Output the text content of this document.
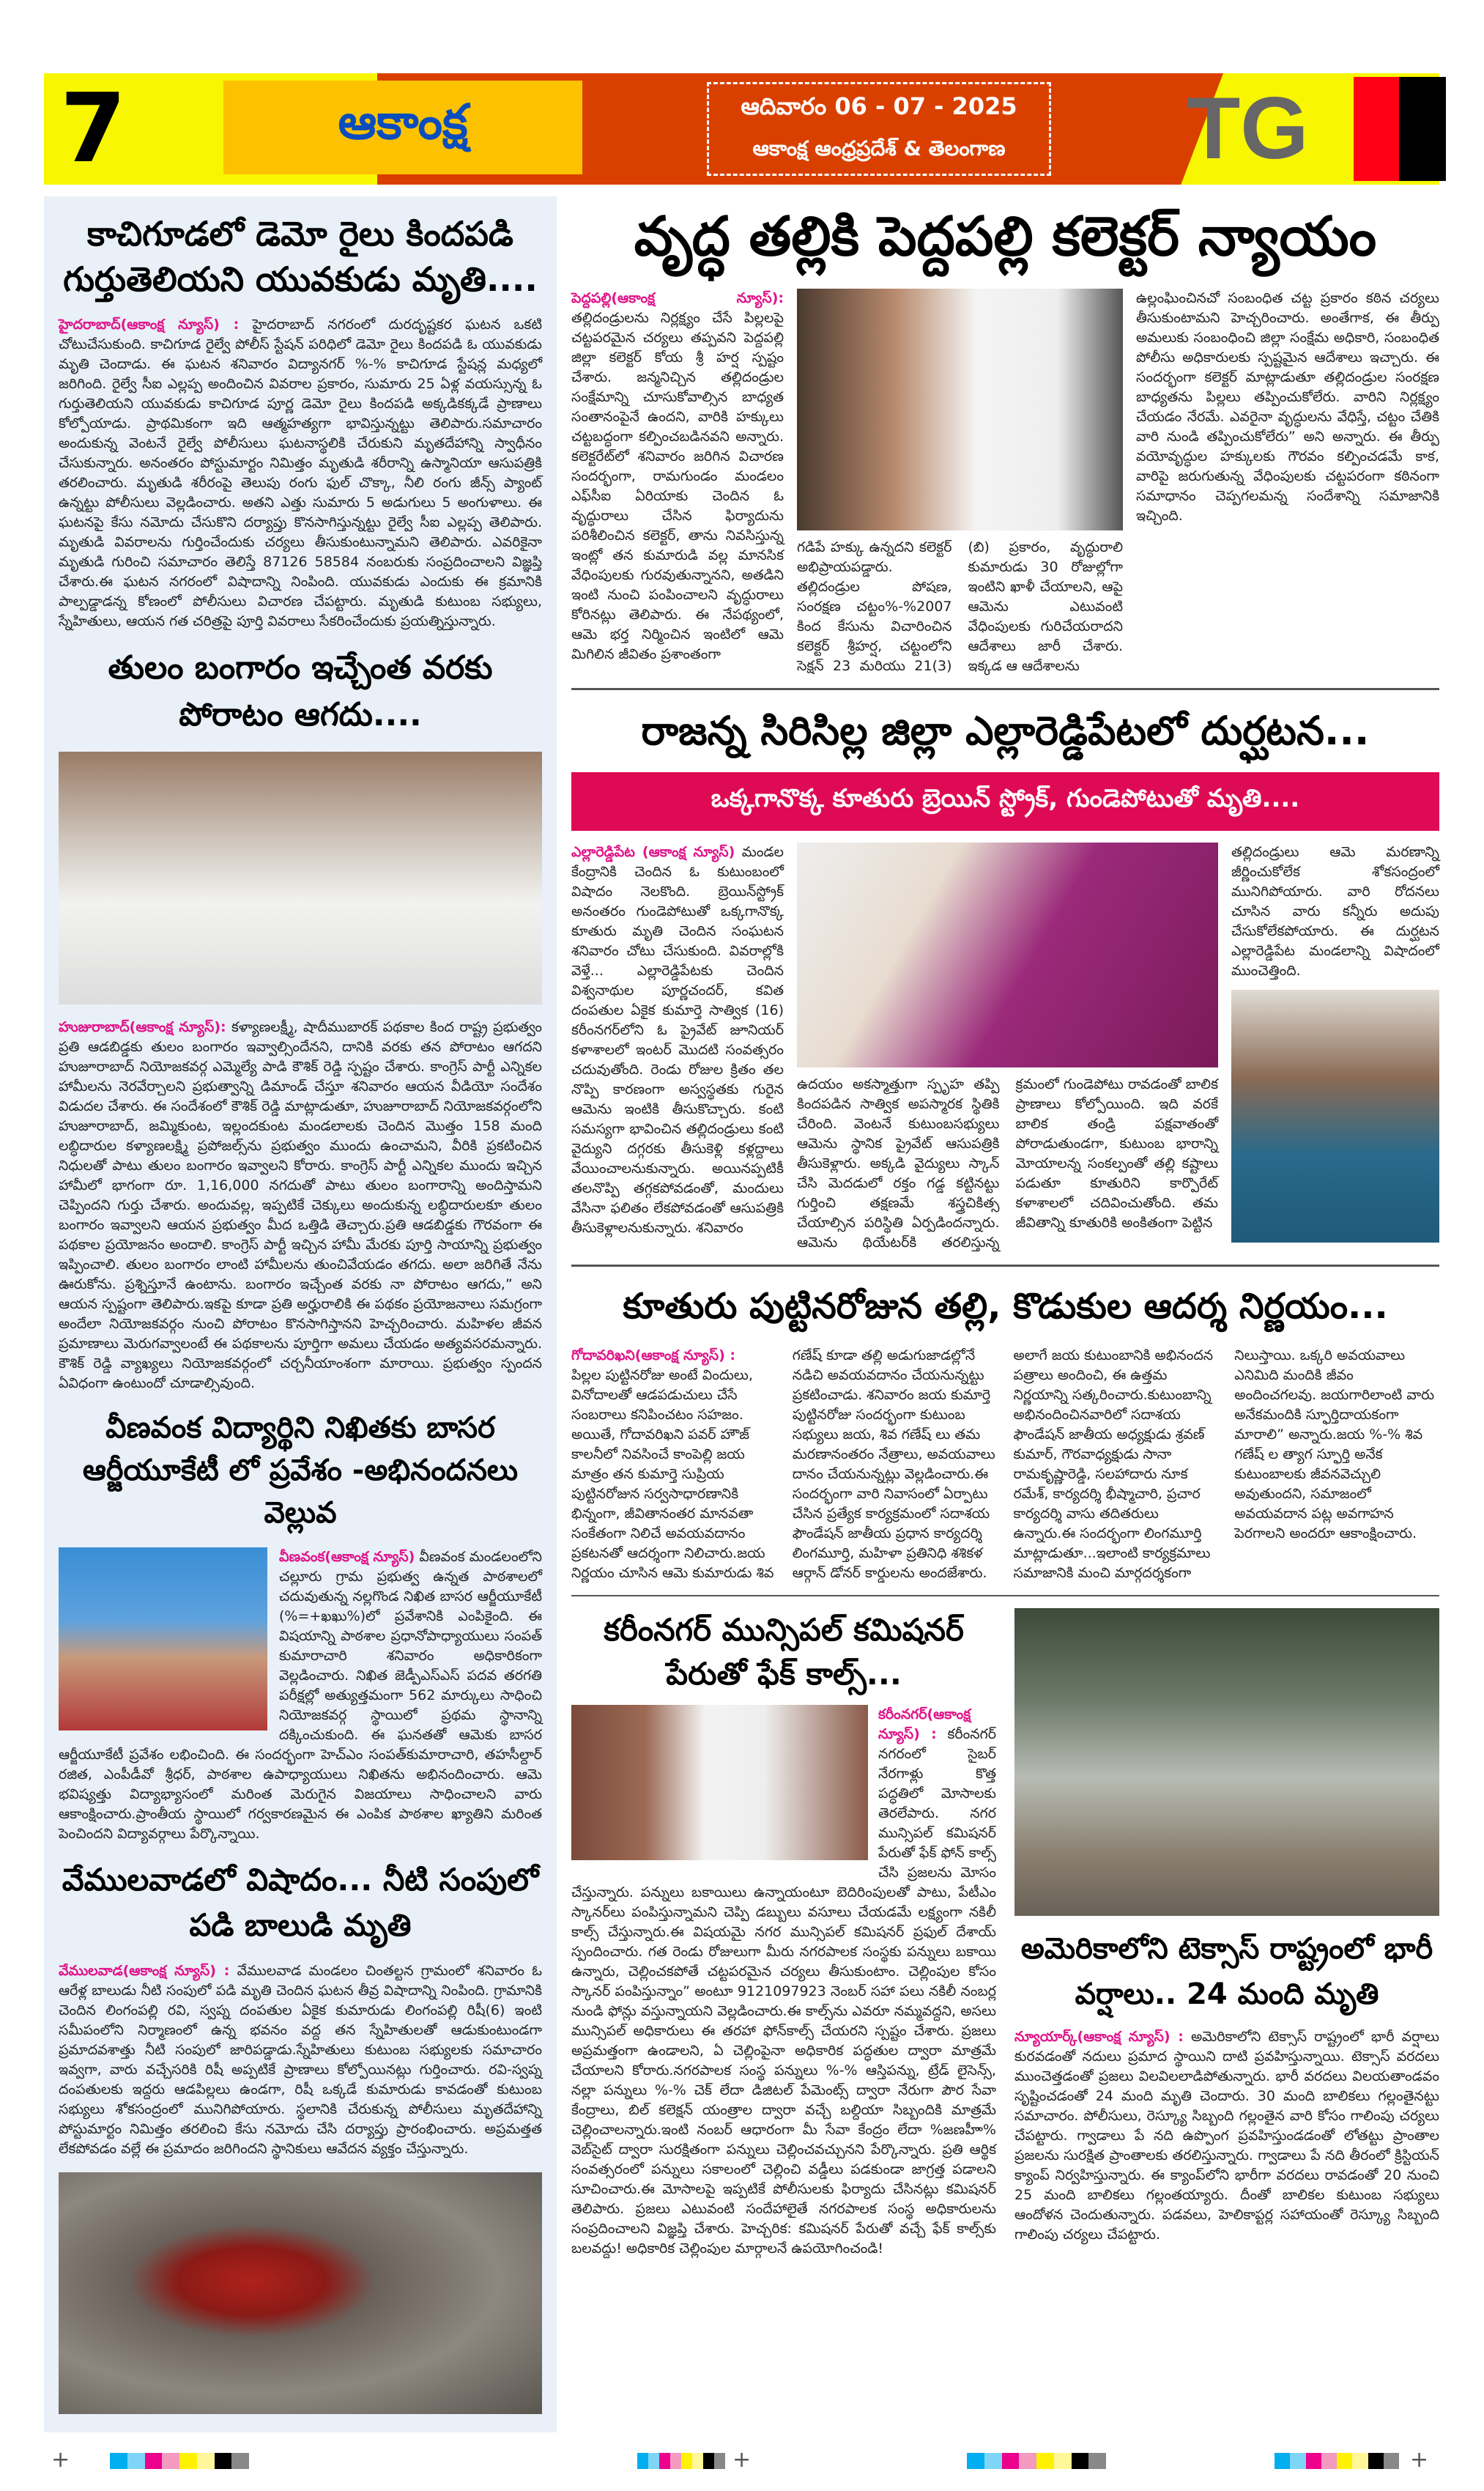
7	ఆకాంక్ష	ఆదివారం 06 - 07 - 2025
ఆకాంక్ష ఆంధ్రప్రదేశ్ & తెలంగాణ TG
కాచిగూడలో డెమో రైలు కిందపడి గుర్తుతెలియని యువకుడు మృతి....
హైదరాబాద్(ఆకాంక్ష న్యూస్) : హైదరాబాద్ నగరంలో దురదృష్టకర ఘటన ఒకటి చోటుచేసుకుంది. కాచిగూడ రైల్వే పోలీస్ స్టేషన్ పరిధిలో డెమో రైలు కిందపడి ఓ యువకుడు మృతి చెందాడు. ఈ ఘటన శనివారం విద్యానగర్ %-% కాచిగూడ స్టేషన్ల మధ్యలో జరిగింది. రైల్వే సీఐ ఎల్లప్ప అందించిన వివరాల ప్రకారం, సుమారు 25 ఏళ్ల వయస్సున్న ఓ గుర్తుతెలియని యువకుడు కాచిగూడ పూర్ణ డెమో రైలు కిందపడి అక్కడికక్కడే ప్రాణాలు కోల్పోయాడు. ప్రాథమికంగా ఇది ఆత్మహత్యగా భావిస్తున్నట్టు తెలిపారు.సమాచారం అందుకున్న వెంటనే రైల్వే పోలీసులు ఘటనాస్థలికి చేరుకుని మృతదేహాన్ని స్వాధీనం చేసుకున్నారు. అనంతరం పోస్టుమార్టం నిమిత్తం మృతుడి శరీరాన్ని ఉస్మానియా ఆసుపత్రికి తరలించారు. మృతుడి శరీరంపై తెలుపు రంగు ఫుల్ చొక్కా, నీలి రంగు జీన్స్ ప్యాంట్ ఉన్నట్టు పోలీసులు వెల్లడించారు. అతని ఎత్తు సుమారు 5 అడుగులు 5 అంగుళాలు. ఈ ఘటనపై కేసు నమోదు చేసుకొని దర్యాప్తు కొనసాగిస్తున్నట్టు రైల్వే సీఐ ఎల్లప్ప తెలిపారు. మృతుడి వివరాలను గుర్తించేందుకు చర్యలు తీసుకుంటున్నామని తెలిపారు. ఎవరికైనా మృతుడి గురించి సమాచారం తెలిస్తే 87126 58584 నంబరుకు సంప్రదించాలని విజ్ఞప్తి చేశారు.ఈ ఘటన నగరంలో విషాదాన్ని నింపింది. యువకుడు ఎందుకు ఈ క్రమానికి పాల్పడ్డాడన్న కోణంలో పోలీసులు విచారణ చేపట్టారు. మృతుడి కుటుంబ సభ్యులు, స్నేహితులు, ఆయన గత చరిత్రపై పూర్తి వివరాలు సేకరించేందుకు ప్రయత్నిస్తున్నారు.
తులం బంగారం ఇచ్చేంత వరకు పోరాటం ఆగదు....
హుజురాబాద్(ఆకాంక్ష న్యూస్): కళ్యాణలక్ష్మీ, షాదీముబారక్ పథకాల కింద రాష్ట్ర ప్రభుత్వం ప్రతి ఆడబిడ్డకు తులం బంగారం ఇవ్వాల్సిందేనని, దానికి వరకు తన పోరాటం ఆగదని హుజూరాబాద్ నియోజకవర్గ ఎమ్మెల్యే పాడి కౌశిక్ రెడ్డి స్పష్టం చేశారు. కాంగ్రెస్ పార్టీ ఎన్నికల హామీలను నెరవేర్చాలని ప్రభుత్వాన్ని డిమాండ్ చేస్తూ శనివారం ఆయన వీడియో సందేశం విడుదల చేశారు. ఈ సందేశంలో కౌశిక్ రెడ్డి మాట్లాడుతూ, హుజూరాబాద్ నియోజకవర్గంలోని హుజూరాబాద్, జమ్మికుంట, ఇల్లందకుంట మండలాలకు చెందిన మొత్తం 158 మంది లబ్ధిదారుల కళ్యాణలక్ష్మి ప్రపోజల్స్‌ను ప్రభుత్వం ముందు ఉంచామని, వీరికి ప్రకటించిన నిధులతో పాటు తులం బంగారం ఇవ్వాలని కోరారు. కాంగ్రెస్ పార్టీ ఎన్నికల ముందు ఇచ్చిన హామీలో భాగంగా రూ. 1,16,000 నగదుతో పాటు తులం బంగారాన్ని అందిస్తామని చెప్పిందని గుర్తు చేశారు. అందువల్ల, ఇప్పటికే చెక్కులు అందుకున్న లబ్ధిదారులకూ తులం బంగారం ఇవ్వాలని ఆయన ప్రభుత్వం మీద ఒత్తిడి తెచ్చారు.ప్రతి ఆడబిడ్డకు గౌరవంగా ఈ పథకాల ప్రయోజనం అందాలి. కాంగ్రెస్ పార్టీ ఇచ్చిన హామీ మేరకు పూర్తి సాయాన్ని ప్రభుత్వం ఇప్పించాలి. తులం బంగారం లాంటి హామీలను తుంచివేయడం తగదు. అలా జరిగితే నేను ఊరుకోను. ప్రశ్నిస్తూనే ఉంటాను. బంగారం ఇచ్చేంత వరకు నా పోరాటం ఆగదు,” అని ఆయన స్పష్టంగా తెలిపారు.ఇకపై కూడా ప్రతి అర్హురాలికి ఈ పథకం ప్రయోజనాలు సమగ్రంగా అందేలా నియోజకవర్గం నుంచి పోరాటం కొనసాగిస్తానని హెచ్చరించారు. మహిళల జీవన ప్రమాణాలు మెరుగవ్వాలంటే ఈ పథకాలను పూర్తిగా అమలు చేయడం అత్యవసరమన్నారు. కౌశిక్ రెడ్డి వ్యాఖ్యలు నియోజకవర్గంలో చర్చనీయాంశంగా మారాయి. ప్రభుత్వం స్పందన ఏవిధంగా ఉంటుందో చూడాల్సివుంది.
వీణవంక విద్యార్థిని నిఖితకు బాసర ఆర్జీయూకేటీ లో ప్రవేశం -అభినందనలు వెల్లువ
వీణవంక(ఆకాంక్ష న్యూస్) వీణవంక మండలంలోని చల్లూరు గ్రామ ప్రభుత్వ ఉన్నత పాఠశాలలో చదువుతున్న నల్లగొండ నిఖిత బాసర ఆర్జీయూకేటీ (%=+ఖఖు%)లో ప్రవేశానికి ఎంపికైంది. ఈ విషయాన్ని పాఠశాల ప్రధానోపాధ్యాయులు సంపత్ కుమారాచారి శనివారం అధికారికంగా వెల్లడించారు. నిఖిత జెడ్పీఎస్ఎస్ పదవ తరగతి పరీక్షల్లో అత్యుత్తమంగా 562 మార్కులు సాధించి నియోజకవర్గ స్థాయిలో ప్రథమ స్థానాన్ని దక్కించుకుంది. ఈ ఘనతతో ఆమెకు బాసర ఆర్జీయూకేటీ ప్రవేశం లభించింది. ఈ సందర్భంగా హెచ్ఎం సంపత్‌కుమారాచారి, తహసీల్దార్ రజిత, ఎంపీడీవో శ్రీధర్, పాఠశాల ఉపాధ్యాయులు నిఖితను అభినందించారు. ఆమె భవిష్యత్తు విద్యాభ్యాసంలో మరింత మెరుగైన విజయాలు సాధించాలని వారు ఆకాంక్షించారు.ప్రాంతీయ స్థాయిలో గర్వకారణమైన ఈ ఎంపిక పాఠశాల ఖ్యాతిని మరింత పెంచిందని విద్యావర్గాలు పేర్కొన్నాయి.
వేములవాడలో విషాదం... నీటి సంపులో పడి బాలుడి మృతి
వేములవాడ(ఆకాంక్ష న్యూస్) : వేములవాడ మండలం చింతల్టన గ్రామంలో శనివారం ఓ ఆరేళ్ల బాలుడు నీటి సంపులో పడి మృతి చెందిన ఘటన తీవ్ర విషాదాన్ని నింపింది. గ్రామానికి చెందిన లింగంపల్లి రవి, స్వప్న దంపతుల ఏకైక కుమారుడు లింగంపల్లి రిషీ(6) ఇంటి సమీపంలోని నిర్మాణంలో ఉన్న భవనం వద్ద తన స్నేహితులతో ఆడుకుంటుండగా ప్రమాదవశాత్తు నీటి సంపులో జారిపడ్డాడు.స్నేహితులు కుటుంబ సభ్యులకు సమాచారం ఇవ్వగా, వారు వచ్చేసరికి రిషీ అప్పటికే ప్రాణాలు కోల్పోయినట్లు గుర్తించారు. రవి-స్వప్న దంపతులకు ఇద్దరు ఆడపిల్లలు ఉండగా, రిషీ ఒక్కడే కుమారుడు కావడంతో కుటుంబ సభ్యులు శోకసంద్రంలో మునిగిపోయారు. స్థలానికి చేరుకున్న పోలీసులు మృతదేహాన్ని పోస్టుమార్టం నిమిత్తం తరలించి కేసు నమోదు చేసి దర్యాప్తు ప్రారంభించారు. అప్రమత్తత లేకపోవడం వల్లే ఈ ప్రమాదం జరిగిందని స్థానికులు ఆవేదన వ్యక్తం చేస్తున్నారు.
వృద్ధ తల్లికి పెద్దపల్లి కలెక్టర్ న్యాయం
పెద్దపల్లి(ఆకాంక్ష న్యూస్): తల్లిదండ్రులను నిర్లక్ష్యం చేసే పిల్లలపై చట్టపరమైన చర్యలు తప్పవని పెద్దపల్లి జిల్లా కలెక్టర్ కోయ శ్రీ హర్ష స్పష్టం చేశారు. జన్మనిచ్చిన తల్లిదండ్రుల సంక్షేమాన్ని చూసుకోవాల్సిన బాధ్యత సంతానంపైనే ఉందని, వారికి హక్కులు చట్టబద్ధంగా కల్పించబడినవని అన్నారు. కలెక్టరేట్‌లో శనివారం జరిగిన విచారణ సందర్భంగా, రామగుండం మండలం ఎఫ్‌సీఐ ఏరియాకు చెందిన ఓ వృద్ధురాలు చేసిన ఫిర్యాదును పరిశీలించిన కలెక్టర్, తాను నివసిస్తున్న ఇంట్లో తన కుమారుడి వల్ల మానసిక వేధింపులకు గురవుతున్నానని, అతడిని ఇంటి నుంచి పంపించాలని వృద్ధురాలు కోరినట్లు తెలిపారు. ఈ నేపథ్యంలో, ఆమె భర్త నిర్మించిన ఇంటిలో ఆమె మిగిలిన జీవితం ప్రశాంతంగా
గడిపే హక్కు ఉన్నదని కలెక్టర్ అభిప్రాయపడ్డారు. తల్లిదండ్రుల పోషణ, సంరక్షణ చట్టం%-%2007 కింద కేసును విచారించిన కలెక్టర్ శ్రీహర్ష, చట్టంలోని సెక్షన్ 23 మరియు 21(3)(బి) ప్రకారం, వృద్ధురాలి కుమారుడు 30 రోజుల్లోగా ఇంటిని ఖాళీ చేయాలని, ఆపై ఆమెను ఎటువంటి వేధింపులకు గురిచేయరాదని ఆదేశాలు జారీ చేశారు. ఇక్కడ ఆ ఆదేశాలను
ఉల్లంఘించినచో సంబంధిత చట్ట ప్రకారం కఠిన చర్యలు తీసుకుంటామని హెచ్చరించారు. అంతేగాక, ఈ తీర్పు అమలుకు సంబంధించి జిల్లా సంక్షేమ అధికారి, సంబంధిత పోలీసు అధికారులకు స్పష్టమైన ఆదేశాలు ఇచ్చారు. ఈ సందర్భంగా కలెక్టర్ మాట్లాడుతూ తల్లిదండ్రుల సంరక్షణ బాధ్యతను పిల్లలు తప్పించుకోలేరు. వారిని నిర్లక్ష్యం చేయడం నేరమే. ఎవరైనా వృద్ధులను వేధిస్తే, చట్టం చేతికి వారి నుండి తప్పించుకోలేరు” అని అన్నారు. ఈ తీర్పు వయోవృద్ధుల హక్కులకు గౌరవం కల్పించడమే కాక, వారిపై జరుగుతున్న వేధింపులకు చట్టపరంగా కఠినంగా సమాధానం చెప్పగలమన్న సందేశాన్ని సమాజానికి ఇచ్చింది.
రాజన్న సిరిసిల్ల జిల్లా ఎల్లారెడ్డిపేటలో దుర్ఘటన...
ఒక్కగానొక్క కూతురు బ్రెయిన్ స్ట్రోక్, గుండెపోటుతో మృతి....
ఎల్లారెడ్డిపేట (ఆకాంక్ష న్యూస్) మండల కేంద్రానికి చెందిన ఓ కుటుంబంలో విషాదం నెలకొంది. బ్రెయిన్‌స్ట్రోక్ అనంతరం గుండెపోటుతో ఒక్కగానొక్క కూతురు మృతి చెందిన సంఘటన శనివారం చోటు చేసుకుంది. వివరాల్లోకి వెళ్తే... ఎల్లారెడ్డిపేటకు చెందిన విశ్వనాథుల పూర్ణచందర్, కవిత దంపతుల ఏకైక కుమార్తె సాత్విక (16) కరీంనగర్‌లోని ఓ ప్రైవేట్ జూనియర్ కళాశాలలో ఇంటర్ మొదటి సంవత్సరం చదువుతోంది. రెండు రోజుల క్రితం తల నొప్పి కారణంగా అస్వస్థతకు గురైన ఆమెను ఇంటికి తీసుకొచ్చారు. కంటి సమస్యగా భావించిన తల్లిదండ్రులు కంటి వైద్యుని దగ్గరకు తీసుకెళ్లి కళ్లద్దాలు వేయించాలనుకున్నారు. అయినప్పటికీ తలనొప్పి తగ్గకపోవడంతో, మందులు వేసినా ఫలితం లేకపోవడంతో ఆసుపత్రికి తీసుకెళ్లాలనుకున్నారు. శనివారం
ఉదయం అకస్మాత్తుగా స్పృహ తప్పి కిందపడిన సాత్విక అపస్మారక స్థితికి చేరింది. వెంటనే కుటుంబసభ్యులు ఆమెను స్థానిక ప్రైవేట్ ఆసుపత్రికి తీసుకెళ్లారు. అక్కడి వైద్యులు స్కాన్ చేసి మెదడులో రక్తం గడ్డ కట్టినట్టు గుర్తించి తక్షణమే శస్త్రచికిత్స చేయాల్సిన పరిస్థితి ఏర్పడిందన్నారు. ఆమెను థియేటర్‌కి తరలిస్తున్న క్రమంలో గుండెపోటు రావడంతో బాలిక ప్రాణాలు కోల్పోయింది. ఇది వరకే బాలిక తండ్రి పక్షవాతంతో పోరాడుతుండగా, కుటుంబ భారాన్ని మోయాలన్న సంకల్పంతో తల్లి కష్టాలు పడుతూ కూతురిని కార్పొరేట్ కళాశాలలో చదివించుతోంది. తమ జీవితాన్ని కూతురికి అంకితంగా పెట్టిన
తల్లిదండ్రులు ఆమె మరణాన్ని జీర్ణించుకోలేక శోకసంద్రంలో మునిగిపోయారు. వారి రోదనలు చూసిన వారు కన్నీరు అదుపు చేసుకోలేకపోయారు. ఈ దుర్ఘటన ఎల్లారెడ్డిపేట మండలాన్ని విషాదంలో ముంచెత్తింది.
కూతురు పుట్టినరోజున తల్లి, కొడుకుల ఆదర్శ నిర్ణయం...
గోదావరిఖని(ఆకాంక్ష న్యూస్) :
పిల్లల పుట్టినరోజు అంటే విందులు, వినోదాలతో ఆడపడుచులు చేసే సంబరాలు కనిపించటం సహజం. అయితే, గోదావరిఖని పవర్ హౌజ్ కాలనీలో నివసించే కాంపెల్లి జయ మాత్రం తన కుమార్తె సుప్రియ పుట్టినరోజున సర్వసాధారణానికి భిన్నంగా, జీవితానంతర మానవతా సంకేతంగా నిలిచే అవయవదానం ప్రకటనతో ఆదర్శంగా నిలిచారు.జయ నిర్ణయం చూసిన ఆమె కుమారుడు శివ గణేష్ కూడా తల్లి అడుగుజాడల్లోనే నడిచి అవయవదానం చేయనున్నట్టు ప్రకటించాడు. శనివారం జయ కుమార్తె పుట్టినరోజు సందర్భంగా కుటుంబ సభ్యులు జయ, శివ గణేష్ లు తమ మరణానంతరం నేత్రాలు, అవయవాలు దానం చేయనున్నట్లు వెల్లడించారు.ఈ సందర్భంగా వారి నివాసంలో ఏర్పాటు చేసిన ప్రత్యేక కార్యక్రమంలో సదాశయ ఫౌండేషన్ జాతీయ ప్రధాన కార్యదర్శి లింగమూర్తి, మహిళా ప్రతినిధి శశికళ ఆర్గాన్ డోనర్ కార్డులను అందజేశారు. అలాగే జయ కుటుంబానికి అభినందన పత్రాలు అందించి, ఈ ఉత్తమ నిర్ణయాన్ని సత్కరించారు.కుటుంబాన్ని అభినందించినవారిలో సదాశయ ఫౌండేషన్ జాతీయ అధ్యక్షుడు శ్రవణ్ కుమార్, గౌరవాధ్యక్షుడు సానా రామకృష్ణారెడ్డి, సలహాదారు నూక రమేశ్, కార్యదర్శి భీష్మాచారి, ప్రచార కార్యదర్శి వాసు తదితరులు ఉన్నారు.ఈ సందర్భంగా లింగమూర్తి మాట్లాడుతూ...ఇలాంటి కార్యక్రమాలు సమాజానికి మంచి మార్గదర్శకంగా నిలుస్తాయి. ఒక్కరి అవయవాలు ఎనిమిది మందికి జీవం అందించగలవు. జయగారిలాంటి వారు అనేకమందికి స్ఫూర్తిదాయకంగా మారాలి” అన్నారు.జయ %-% శివ గణేష్ ల త్యాగ స్ఫూర్తి అనేక కుటుంబాలకు జీవనవెచ్చులి అవుతుందని, సమాజంలో అవయవదాన పట్ల అవగాహన పెరగాలని అందరూ ఆకాంక్షించారు.
కరీంనగర్ మున్సిపల్ కమిషనర్ పేరుతో ఫేక్ కాల్స్...
కరీంనగర్(ఆకాంక్ష న్యూస్) : కరీంనగర్ నగరంలో సైబర్ నేరగాళ్లు కొత్త పద్ధతిలో మోసాలకు తెరలేపారు. నగర మున్సిపల్ కమిషనర్ పేరుతో ఫేక్ ఫోన్ కాల్స్ చేసి ప్రజలను మోసం చేస్తున్నారు. పన్నులు బకాయిలు ఉన్నాయంటూ బెదిరింపులతో పాటు, పేటీఎం స్కానర్‌లు పంపిస్తున్నామని చెప్పి డబ్బులు వసూలు చేయడమే లక్ష్యంగా నకిలీ కాల్స్ చేస్తున్నారు.ఈ విషయమై నగర మున్సిపల్ కమిషనర్ ప్రఫుల్ దేశాయ్ స్పందించారు. గత రెండు రోజులుగా మీరు నగరపాలక సంస్థకు పన్నులు బకాయి ఉన్నారు, చెల్లించకపోతే చట్టపరమైన చర్యలు తీసుకుంటాం. చెల్లింపుల కోసం స్కానర్ పంపిస్తున్నాం” అంటూ 9121097923 నెంబర్ సహా పలు నకిలీ నంబర్ల నుండి ఫోన్లు వస్తున్నాయని వెల్లడించారు.ఈ కాల్స్‌ను ఎవరూ నమ్మవద్దని, అసలు మున్సిపల్ అధికారులు ఈ తరహా ఫోన్‌కాల్స్ చేయరని స్పష్టం చేశారు. ప్రజలు అప్రమత్తంగా ఉండాలని, ఏ చెల్లింపైనా అధికారిక పద్ధతుల ద్వారా మాత్రమే చేయాలని కోరారు.నగరపాలక సంస్థ పన్నులు %-% ఆస్తిపన్ను, ట్రేడ్ లైసెన్స్, నల్లా పన్నులు %-% చెక్ లేదా డిజిటల్ పేమెంట్స్ ద్వారా నేరుగా పౌర సేవా కేంద్రాలు, బిల్ కలెక్షన్ యంత్రాల ద్వారా వచ్చే బల్దియా సిబ్బందికి మాత్రమే చెల్లించాలన్నారు.ఇంటి నంబర్ ఆధారంగా మీ సేవా కేంద్రం లేదా %జణహీా% వెబ్‌సైట్ ద్వారా సురక్షితంగా పన్నులు చెల్లించవచ్చునని పేర్కొన్నారు. ప్రతి ఆర్థిక సంవత్సరంలో పన్నులు సకాలంలో చెల్లించి వడ్డీలు పడకుండా జాగ్రత్త పడాలని సూచించారు.ఈ మోసాలపై ఇప్పటికే పోలీసులకు ఫిర్యాదు చేసినట్లు కమిషనర్ తెలిపారు. ప్రజలు ఎటువంటి సందేహాలైతే నగరపాలక సంస్థ అధికారులను సంప్రదించాలని విజ్ఞప్తి చేశారు. హెచ్చరిక: కమిషనర్ పేరుతో వచ్చే ఫేక్ కాల్స్‌కు బలవద్దు! అధికారిక చెల్లింపుల మార్గాలనే ఉపయోగించండి!
అమెరికాలోని టెక్సాస్ రాష్ట్రంలో భారీ వర్షాలు.. 24 మంది మృతి
న్యూయార్క్(ఆకాంక్ష న్యూస్) : అమెరికాలోని టెక్సాస్ రాష్ట్రంలో భారీ వర్షాలు కురవడంతో నదులు ప్రమాద స్థాయిని దాటి ప్రవహిస్తున్నాయి. టెక్సాస్ వరదలు ముంచెత్తడంతో ప్రజలు విలవిలలాడిపోతున్నారు. భారీ వరదలు విలయతాండవం సృష్టించడంతో 24 మంది మృతి చెందారు. 30 మంది బాలికలు గల్లంతైనట్టు సమాచారం. పోలీసులు, రెస్క్యూ సిబ్బంది గల్లంతైన వారి కోసం గాలింపు చర్యలు చేపట్టారు. గ్వాడాలు పే నది ఉప్పొంగ ప్రవహిస్తుండడంతో లోతట్టు ప్రాంతాల ప్రజలను సురక్షిత ప్రాంతాలకు తరలిస్తున్నారు. గ్వాడాలు పే నది తీరంలో క్రిస్టియన్ క్యాంప్ నిర్వహిస్తున్నారు. ఈ క్యాంప్‌లోని భారీగా వరదలు రావడంతో 20 నుంచి 25 మంది బాలికలు గల్లంతయ్యారు. దీంతో బాలికల కుటుంబ సభ్యులు ఆందోళన చెందుతున్నారు. పడవలు, హెలికాప్టర్ల సహాయంతో రెస్క్యూ సిబ్బంది గాలింపు చర్యలు చేపట్టారు.
+	+	+
